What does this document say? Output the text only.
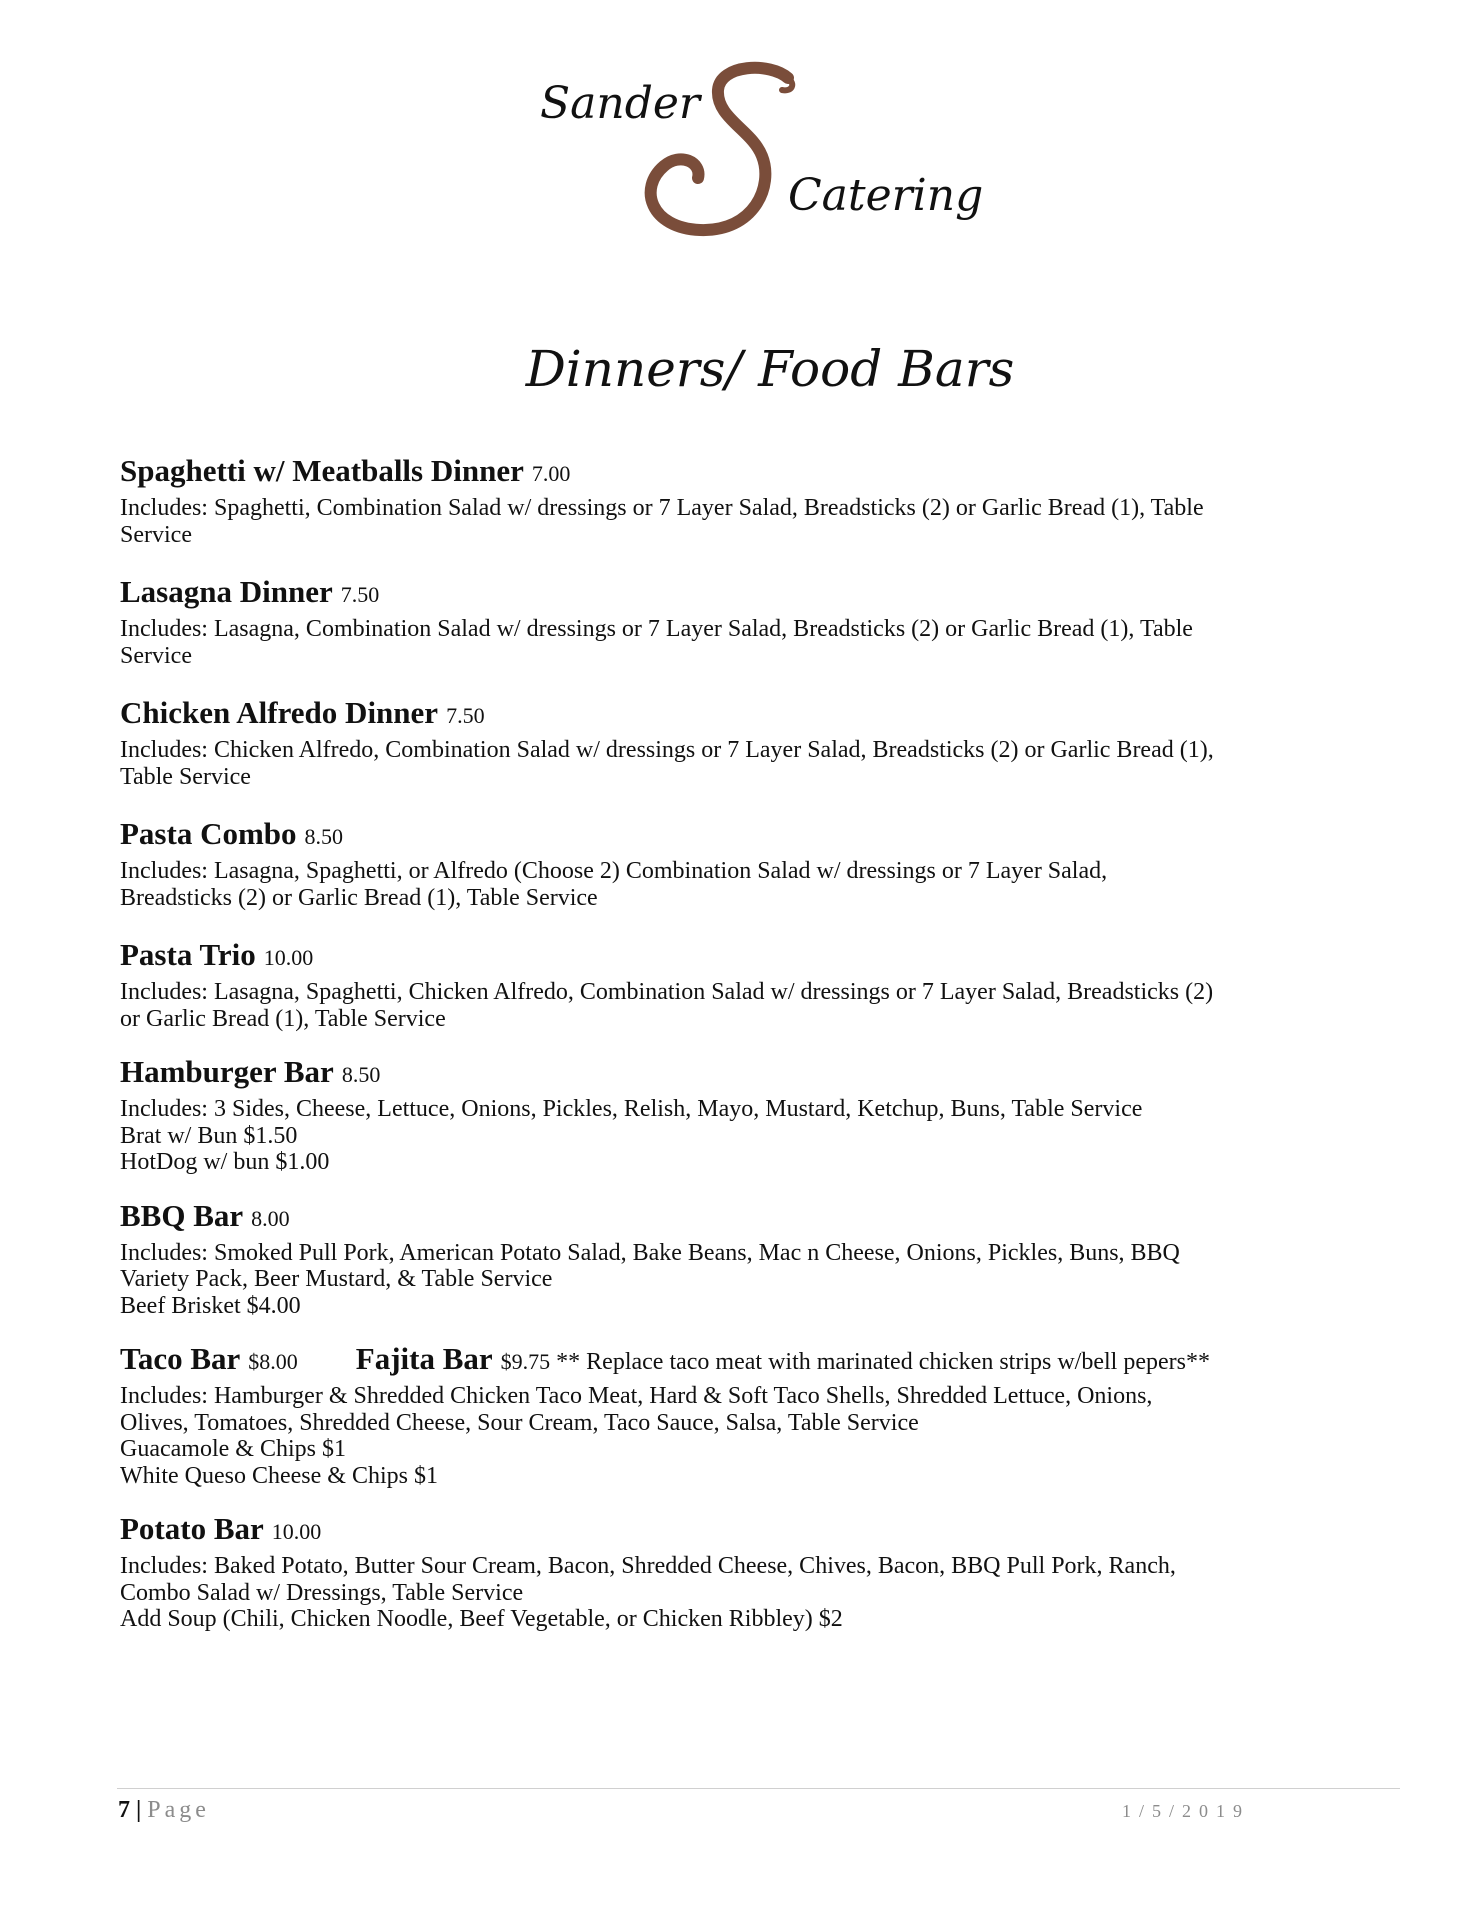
Sander
Catering
Dinners/ Food Bars
Spaghetti w/ Meatballs Dinner 7.00
Includes: Spaghetti, Combination Salad w/ dressings or 7 Layer Salad, Breadsticks (2) or Garlic Bread (1), Table
Service
Lasagna Dinner 7.50
Includes: Lasagna, Combination Salad w/ dressings or 7 Layer Salad, Breadsticks (2) or Garlic Bread (1), Table
Service
Chicken Alfredo Dinner 7.50
Includes: Chicken Alfredo, Combination Salad w/ dressings or 7 Layer Salad, Breadsticks (2) or Garlic Bread (1),
Table Service
Pasta Combo 8.50
Includes: Lasagna, Spaghetti, or Alfredo (Choose 2) Combination Salad w/ dressings or 7 Layer Salad,
Breadsticks (2) or Garlic Bread (1), Table Service
Pasta Trio 10.00
Includes: Lasagna, Spaghetti, Chicken Alfredo, Combination Salad w/ dressings or 7 Layer Salad, Breadsticks (2)
or Garlic Bread (1), Table Service
Hamburger Bar 8.50
Includes: 3 Sides, Cheese, Lettuce, Onions, Pickles, Relish, Mayo, Mustard, Ketchup, Buns, Table Service
Brat w/ Bun $1.50
HotDog w/ bun $1.00
BBQ Bar 8.00
Includes: Smoked Pull Pork, American Potato Salad, Bake Beans, Mac n Cheese, Onions, Pickles, Buns, BBQ
Variety Pack, Beer Mustard, & Table Service
Beef Brisket $4.00
Taco Bar $8.00 Fajita Bar $9.75 ** Replace taco meat with marinated chicken strips w/bell pepers**
Includes: Hamburger & Shredded Chicken Taco Meat, Hard & Soft Taco Shells, Shredded Lettuce, Onions,
Olives, Tomatoes, Shredded Cheese, Sour Cream, Taco Sauce, Salsa, Table Service
Guacamole & Chips $1
White Queso Cheese & Chips $1
Potato Bar 10.00
Includes: Baked Potato, Butter Sour Cream, Bacon, Shredded Cheese, Chives, Bacon, BBQ Pull Pork, Ranch,
Combo Salad w/ Dressings, Table Service
Add Soup (Chili, Chicken Noodle, Beef Vegetable, or Chicken Ribbley) $2
7|Page	1/5/2019
